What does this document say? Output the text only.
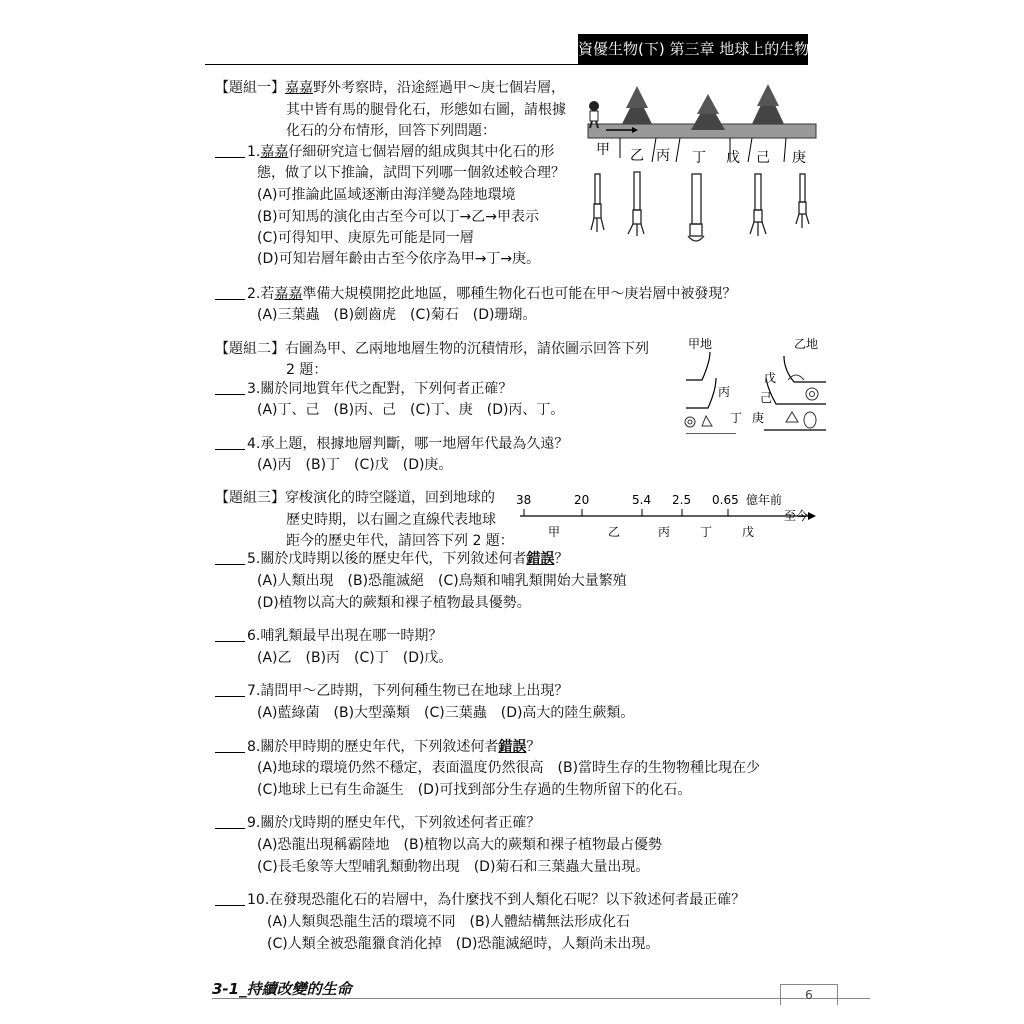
資優生物(下) 第三章 地球上的生物
【題組一】嘉嘉野外考察時，沿途經過甲～庚七個岩層，
其中皆有馬的腿骨化石，形態如右圖，請根據
化石的分布情形，回答下列問題：
甲 乙 丙 丁 戊 己 庚
1.嘉嘉仔細研究這七個岩層的組成與其中化石的形
態，做了以下推論，試問下列哪一個敘述較合理？
(A)可推論此區域逐漸由海洋變為陸地環境
(B)可知馬的演化由古至今可以丁→乙→甲表示
(C)可得知甲、庚原先可能是同一層
(D)可知岩層年齡由古至今依序為甲→丁→庚。
2.若嘉嘉準備大規模開挖此地區，哪種生物化石也可能在甲～庚岩層中被發現？
(A)三葉蟲　(B)劍齒虎　(C)菊石　(D)珊瑚。
【題組二】右圖為甲、乙兩地地層生物的沉積情形，請依圖示回答下列
2 題：
甲地	乙地
丙
丁
戊
己
庚
3.關於同地質年代之配對，下列何者正確？
(A)丁、己　(B)丙、己　(C)丁、庚　(D)丙、丁。
4.承上題，根據地層判斷，哪一地層年代最為久遠？
(A)丙　(B)丁　(C)戊　(D)庚。
【題組三】穿梭演化的時空隧道，回到地球的
歷史時期，以右圖之直線代表地球
距今的歷史年代，請回答下列 2 題：
38	20	5.4 2.5 0.65 億年前
至今
甲	乙	丙 丁 戊
5.關於戊時期以後的歷史年代，下列敘述何者錯誤？
(A)人類出現　(B)恐龍滅絕　(C)鳥類和哺乳類開始大量繁殖
(D)植物以高大的蕨類和裸子植物最具優勢。
6.哺乳類最早出現在哪一時期？
(A)乙　(B)丙　(C)丁　(D)戊。
7.請問甲～乙時期，下列何種生物已在地球上出現？
(A)藍綠菌　(B)大型藻類　(C)三葉蟲　(D)高大的陸生蕨類。
8.關於甲時期的歷史年代，下列敘述何者錯誤？
(A)地球的環境仍然不穩定，表面溫度仍然很高　(B)當時生存的生物物種比現在少
(C)地球上已有生命誕生　(D)可找到部分生存過的生物所留下的化石。
9.關於戊時期的歷史年代，下列敘述何者正確？
(A)恐龍出現稱霸陸地　(B)植物以高大的蕨類和裸子植物最占優勢
(C)長毛象等大型哺乳類動物出現　(D)菊石和三葉蟲大量出現。
10.在發現恐龍化石的岩層中，為什麼找不到人類化石呢？以下敘述何者最正確？
(A)人類與恐龍生活的環境不同　(B)人體結構無法形成化石
(C)人類全被恐龍獵食消化掉　(D)恐龍滅絕時，人類尚未出現。
3-1_持續改變的生命	6
